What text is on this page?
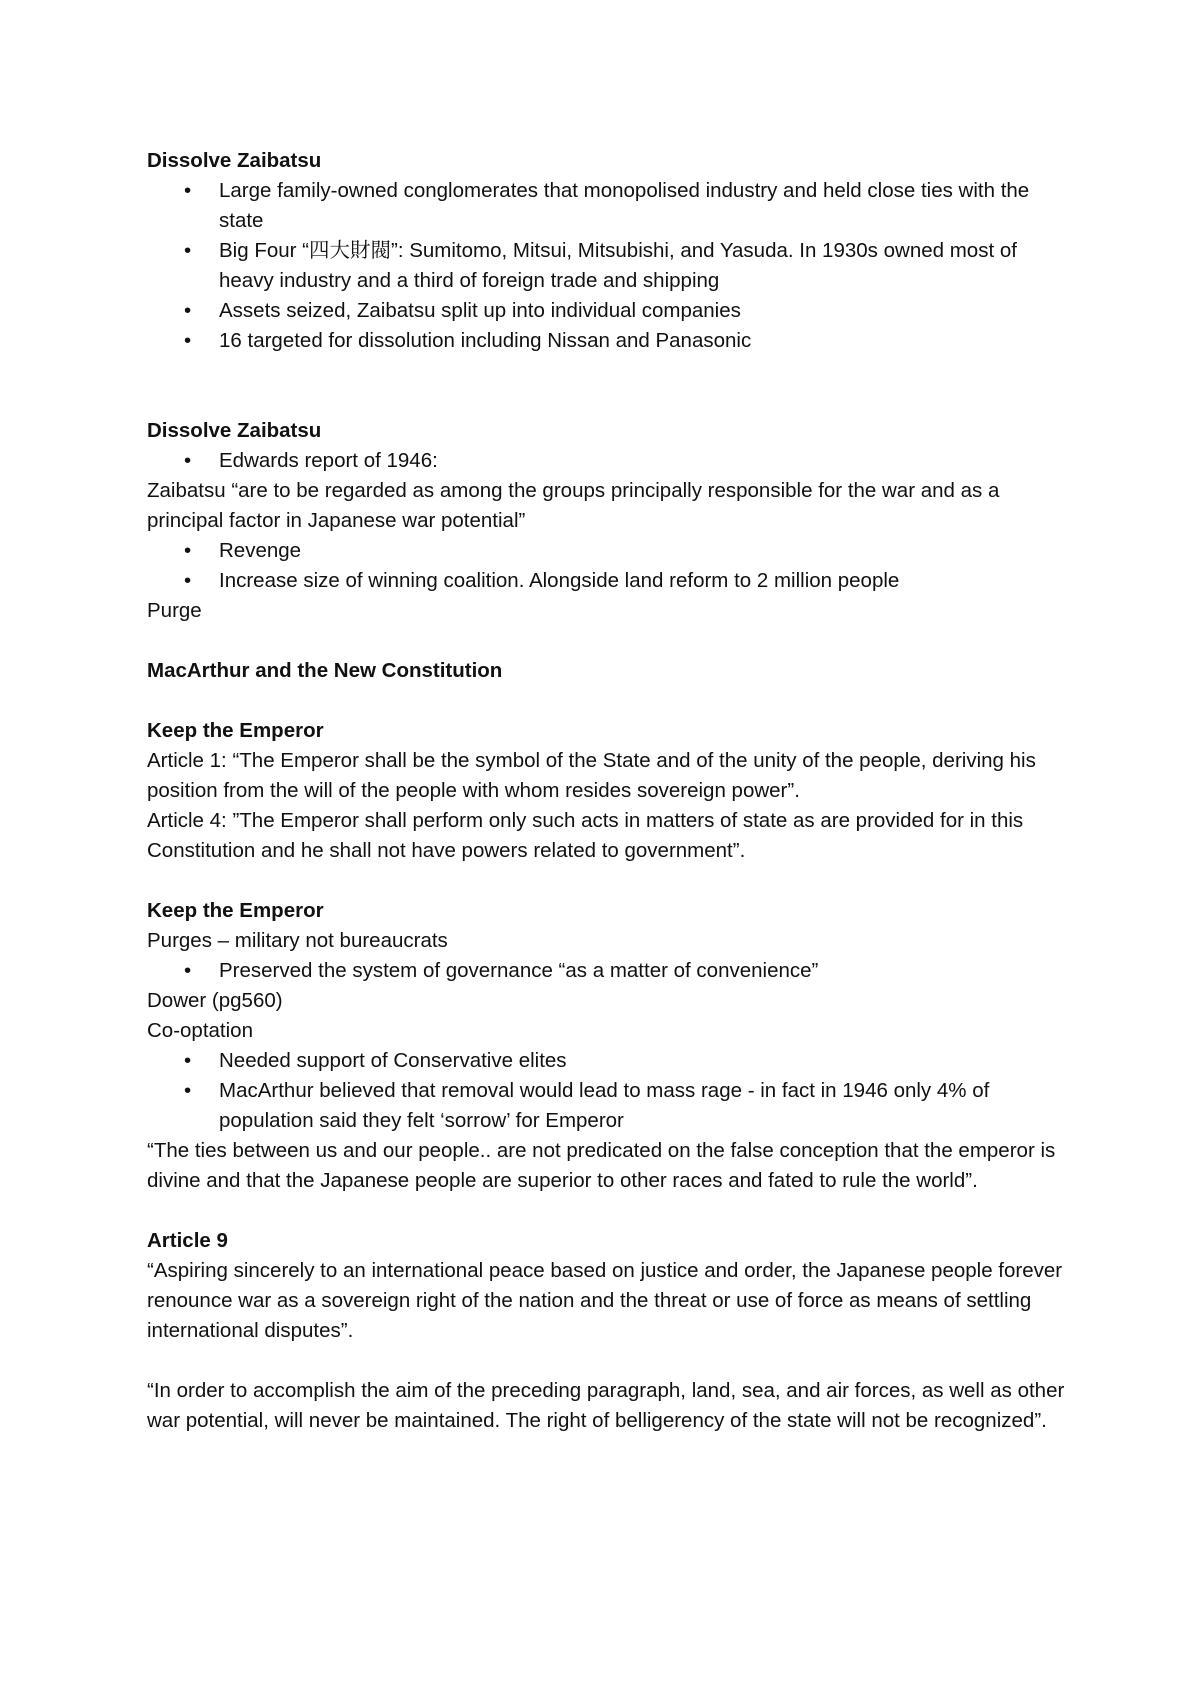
Dissolve Zaibatsu

• Large family-owned conglomerates that monopolised industry and held close ties with the state
• Big Four “四大財閥”: Sumitomo, Mitsui, Mitsubishi, and Yasuda. In 1930s owned most of heavy industry and a third of foreign trade and shipping
• Assets seized, Zaibatsu split up into individual companies
• 16 targeted for dissolution including Nissan and Panasonic

Dissolve Zaibatsu

• Edwards report of 1946:

Zaibatsu “are to be regarded as among the groups principally responsible for the war and as a principal factor in Japanese war potential”

• Revenge
• Increase size of winning coalition. Alongside land reform to 2 million people

Purge

MacArthur and the New Constitution

Keep the Emperor

Article 1: “The Emperor shall be the symbol of the State and of the unity of the people, deriving his position from the will of the people with whom resides sovereign power”.

Article 4: ”The Emperor shall perform only such acts in matters of state as are provided for in this Constitution and he shall not have powers related to government”.

Keep the Emperor

Purges – military not bureaucrats

• Preserved the system of governance “as a matter of convenience”

Dower (pg560)

Co-optation

• Needed support of Conservative elites
• MacArthur believed that removal would lead to mass rage - in fact in 1946 only 4% of population said they felt ‘sorrow’ for Emperor

“The ties between us and our people.. are not predicated on the false conception that the emperor is divine and that the Japanese people are superior to other races and fated to rule the world”.

Article 9

“Aspiring sincerely to an international peace based on justice and order, the Japanese people forever renounce war as a sovereign right of the nation and the threat or use of force as means of settling international disputes”.

“In order to accomplish the aim of the preceding paragraph, land, sea, and air forces, as well as other war potential, will never be maintained. The right of belligerency of the state will not be recognized”.
